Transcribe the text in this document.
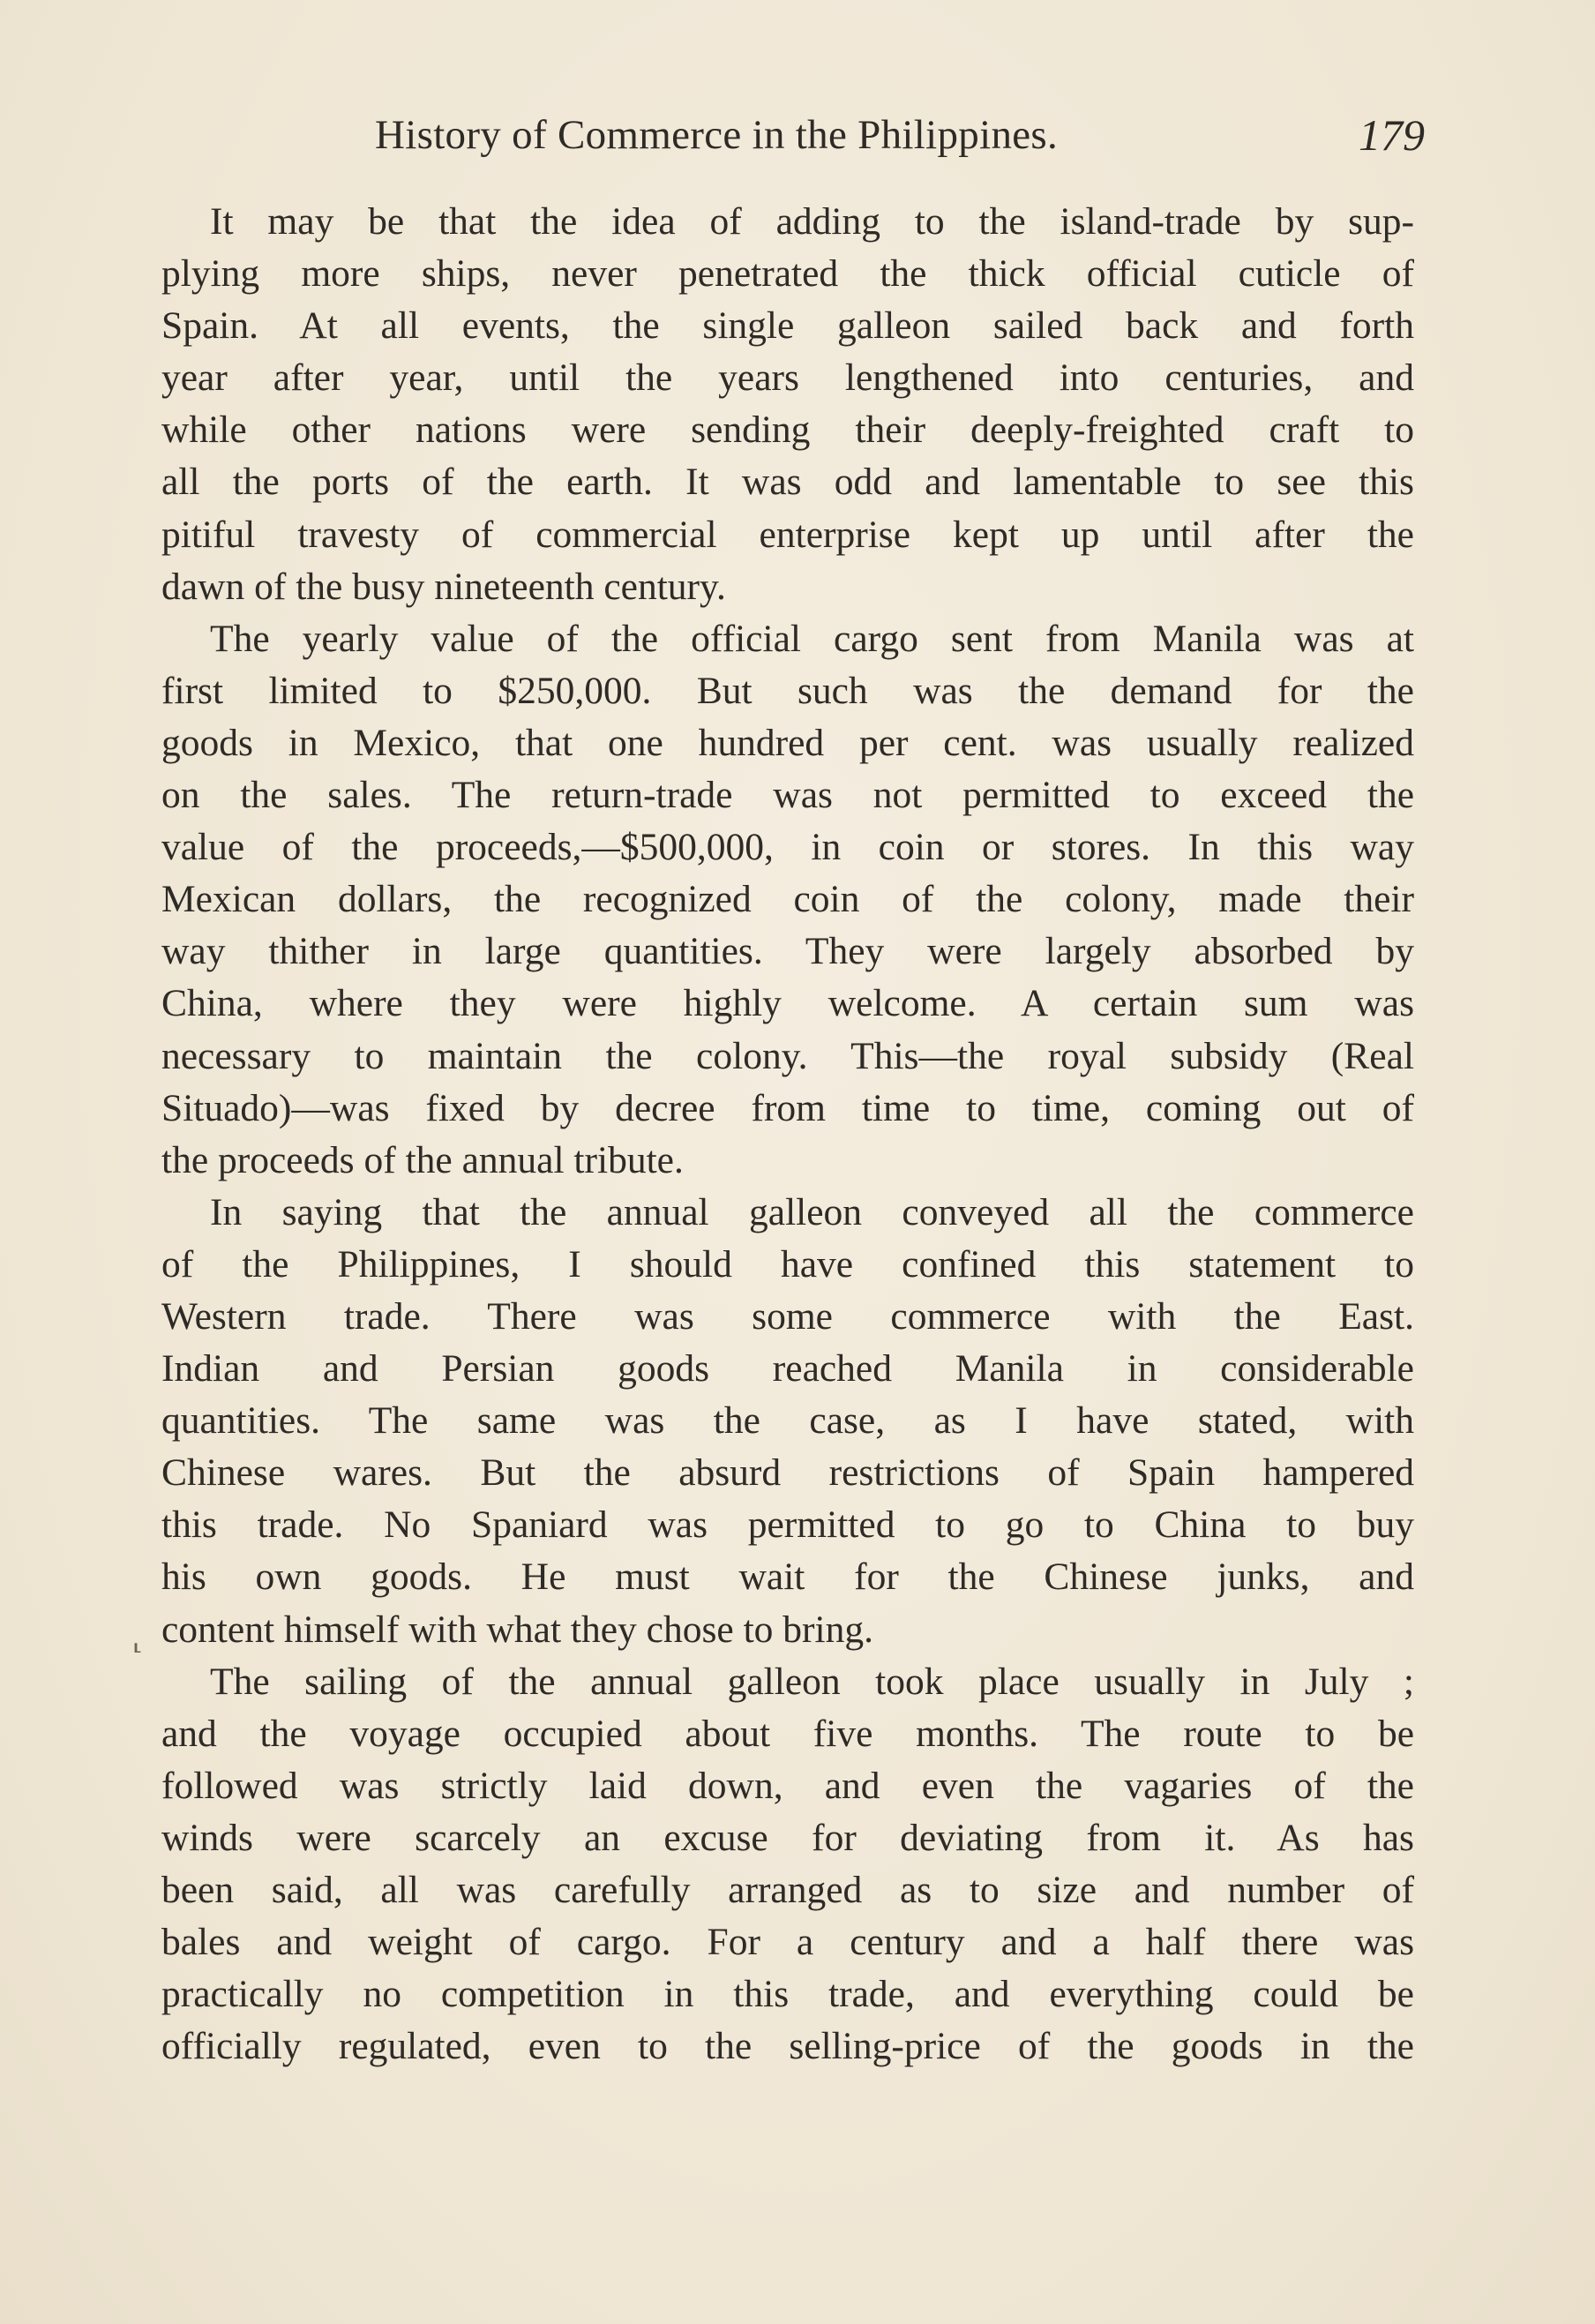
History of Commerce in the Philippines.	179
⸤
It may be that the idea of adding to the island-trade by sup-
plying more ships, never penetrated the thick official cuticle of
Spain. At all events, the single galleon sailed back and forth
year after year, until the years lengthened into centuries, and
while other nations were sending their deeply-freighted craft to
all the ports of the earth. It was odd and lamentable to see this
pitiful travesty of commercial enterprise kept up until after the
dawn of the busy nineteenth century.
The yearly value of the official cargo sent from Manila was at
first limited to $250,000. But such was the demand for the
goods in Mexico, that one hundred per cent. was usually realized
on the sales. The return-trade was not permitted to exceed the
value of the proceeds,—$500,000, in coin or stores. In this way
Mexican dollars, the recognized coin of the colony, made their
way thither in large quantities. They were largely absorbed by
China, where they were highly welcome. A certain sum was
necessary to maintain the colony. This—the royal subsidy (Real
Situado)—was fixed by decree from time to time, coming out of
the proceeds of the annual tribute.
In saying that the annual galleon conveyed all the commerce
of the Philippines, I should have confined this statement to
Western trade. There was some commerce with the East.
Indian and Persian goods reached Manila in considerable
quantities. The same was the case, as I have stated, with
Chinese wares. But the absurd restrictions of Spain hampered
this trade. No Spaniard was permitted to go to China to buy
his own goods. He must wait for the Chinese junks, and
content himself with what they chose to bring.
The sailing of the annual galleon took place usually in July ;
and the voyage occupied about five months. The route to be
followed was strictly laid down, and even the vagaries of the
winds were scarcely an excuse for deviating from it. As has
been said, all was carefully arranged as to size and number of
bales and weight of cargo. For a century and a half there was
practically no competition in this trade, and everything could be
officially regulated, even to the selling-price of the goods in the
